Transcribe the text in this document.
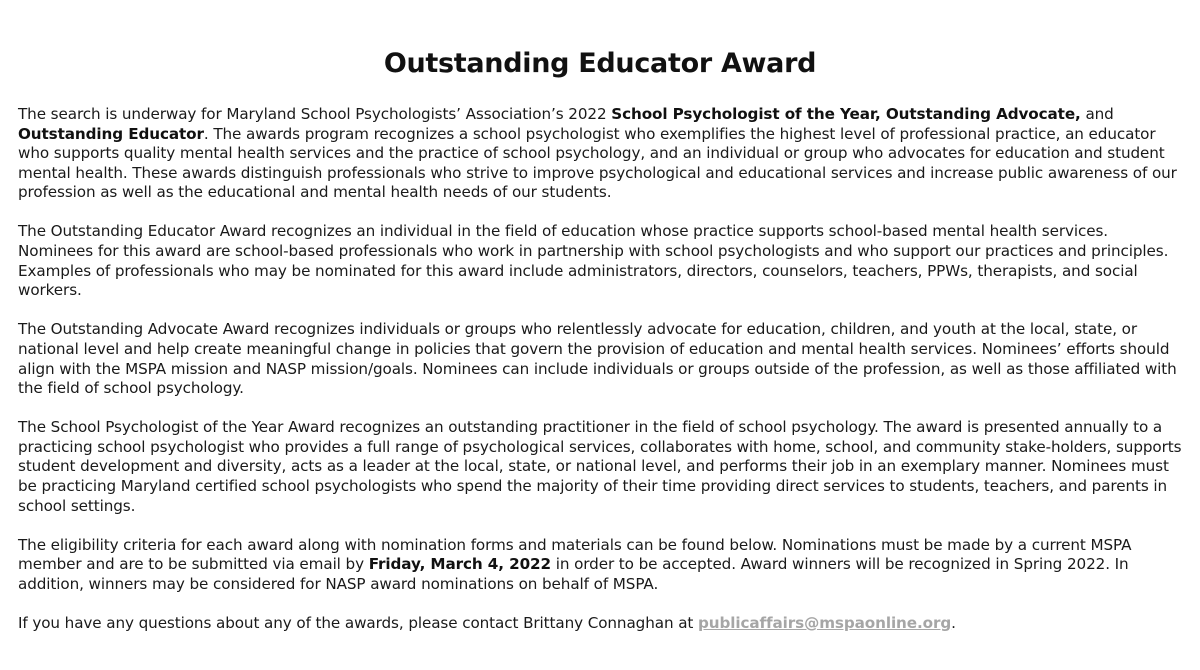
Outstanding Educator Award

The search is underway for Maryland School Psychologists’ Association’s 2022 School Psychologist of the Year, Outstanding Advocate, and Outstanding Educator. The awards program recognizes a school psychologist who exemplifies the highest level of professional practice, an educator who supports quality mental health services and the practice of school psychology, and an individual or group who advocates for education and student mental health. These awards distinguish professionals who strive to improve psychological and educational services and increase public awareness of our profession as well as the educational and mental health needs of our students.

The Outstanding Educator Award recognizes an individual in the field of education whose practice supports school-based mental health services. Nominees for this award are school-based professionals who work in partnership with school psychologists and who support our practices and principles. Examples of professionals who may be nominated for this award include administrators, directors, counselors, teachers, PPWs, therapists, and social workers.

The Outstanding Advocate Award recognizes individuals or groups who relentlessly advocate for education, children, and youth at the local, state, or national level and help create meaningful change in policies that govern the provision of education and mental health services. Nominees’ efforts should align with the MSPA mission and NASP mission/goals. Nominees can include individuals or groups outside of the profession, as well as those affiliated with the field of school psychology.

The School Psychologist of the Year Award recognizes an outstanding practitioner in the field of school psychology. The award is presented annually to a practicing school psychologist who provides a full range of psychological services, collaborates with home, school, and community stake-holders, supports student development and diversity, acts as a leader at the local, state, or national level, and performs their job in an exemplary manner. Nominees must be practicing Maryland certified school psychologists who spend the majority of their time providing direct services to students, teachers, and parents in school settings.

The eligibility criteria for each award along with nomination forms and materials can be found below. Nominations must be made by a current MSPA member and are to be submitted via email by Friday, March 4, 2022 in order to be accepted. Award winners will be recognized in Spring 2022. In addition, winners may be considered for NASP award nominations on behalf of MSPA.

If you have any questions about any of the awards, please contact Brittany Connaghan at publicaffairs@mspaonline.org.
